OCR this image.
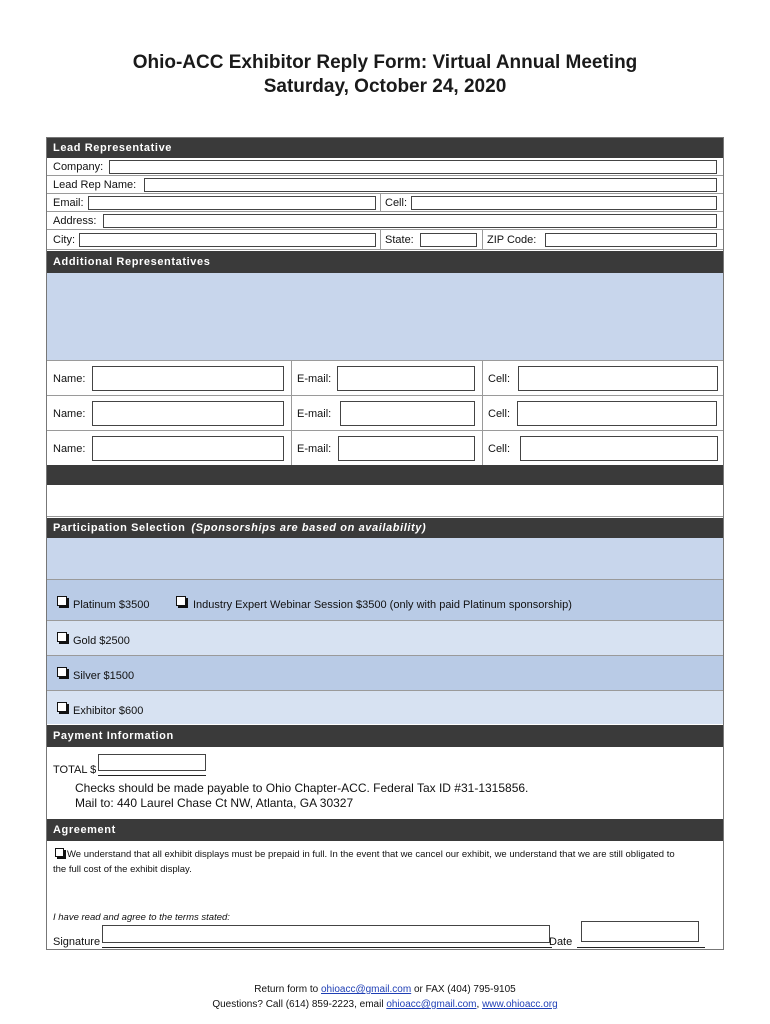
Ohio-ACC Exhibitor Reply Form: Virtual Annual Meeting
Saturday, October 24, 2020
Lead Representative
Company:
Lead Rep Name:
Email:	Cell:
Address:
City:	State:	ZIP Code:
Additional Representatives
Name:	E-mail:	Cell:
Name:	E-mail:	Cell:
Name:	E-mail:	Cell:
Participation Selection (Sponsorships are based on availability)
Platinum $3500	Industry Expert Webinar Session $3500 (only with paid Platinum sponsorship)
Gold $2500
Silver $1500
Exhibitor $600
Payment Information
TOTAL $
Checks should be made payable to Ohio Chapter-ACC. Federal Tax ID #31-1315856.
Mail to: 440 Laurel Chase Ct NW, Atlanta, GA 30327
Agreement
We understand that all exhibit displays must be prepaid in full. In the event that we cancel our exhibit, we understand that we are still obligated to
the full cost of the exhibit display.
I have read and agree to the terms stated:
Signature	Date
Return form to ohioacc@gmail.com or FAX (404) 795-9105
Questions? Call (614) 859-2223, email ohioacc@gmail.com, www.ohioacc.org
